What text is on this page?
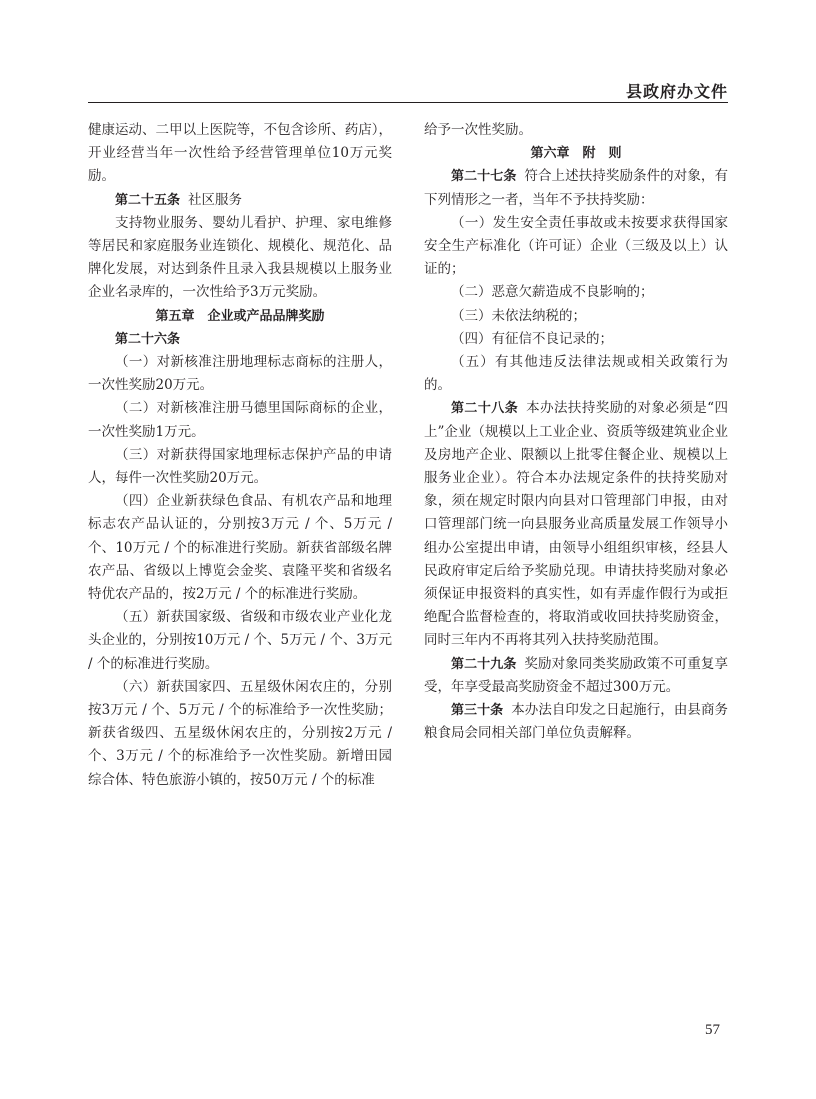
县政府办文件

健康运动、二甲以上医院等，不包含诊所、药店），开业经营当年一次性给予经营管理单位10万元奖励。

第二十五条 社区服务

支持物业服务、婴幼儿看护、护理、家电维修等居民和家庭服务业连锁化、规模化、规范化、品牌化发展，对达到条件且录入我县规模以上服务业企业名录库的，一次性给予3万元奖励。

第五章　企业或产品品牌奖励

第二十六条

（一）对新核准注册地理标志商标的注册人，一次性奖励20万元。

（二）对新核准注册马德里国际商标的企业，一次性奖励1万元。

（三）对新获得国家地理标志保护产品的申请人，每件一次性奖励20万元。

（四）企业新获绿色食品、有机农产品和地理标志农产品认证的，分别按3万元 / 个、5万元 / 个、10万元 / 个的标准进行奖励。新获省部级名牌农产品、省级以上博览会金奖、袁隆平奖和省级名特优农产品的，按2万元 / 个的标准进行奖励。

（五）新获国家级、省级和市级农业产业化龙头企业的，分别按10万元 / 个、5万元 / 个、3万元 / 个的标准进行奖励。

（六）新获国家四、五星级休闲农庄的，分别按3万元 / 个、5万元 / 个的标准给予一次性奖励；新获省级四、五星级休闲农庄的，分别按2万元 / 个、3万元 / 个的标准给予一次性奖励。新增田园综合体、特色旅游小镇的，按50万元 / 个的标准

给予一次性奖励。

第六章　附　则

第二十七条 符合上述扶持奖励条件的对象，有下列情形之一者，当年不予扶持奖励：

（一）发生安全责任事故或未按要求获得国家安全生产标准化（许可证）企业（三级及以上）认证的；

（二）恶意欠薪造成不良影响的；

（三）未依法纳税的；

（四）有征信不良记录的；

（五）有其他违反法律法规或相关政策行为的。

第二十八条 本办法扶持奖励的对象必须是“四上”企业（规模以上工业企业、资质等级建筑业企业及房地产企业、限额以上批零住餐企业、规模以上服务业企业）。符合本办法规定条件的扶持奖励对象，须在规定时限内向县对口管理部门申报，由对口管理部门统一向县服务业高质量发展工作领导小组办公室提出申请，由领导小组组织审核，经县人民政府审定后给予奖励兑现。申请扶持奖励对象必须保证申报资料的真实性，如有弄虚作假行为或拒绝配合监督检查的，将取消或收回扶持奖励资金，同时三年内不再将其列入扶持奖励范围。

第二十九条 奖励对象同类奖励政策不可重复享受，年享受最高奖励资金不超过300万元。

第三十条 本办法自印发之日起施行，由县商务粮食局会同相关部门单位负责解释。

57
